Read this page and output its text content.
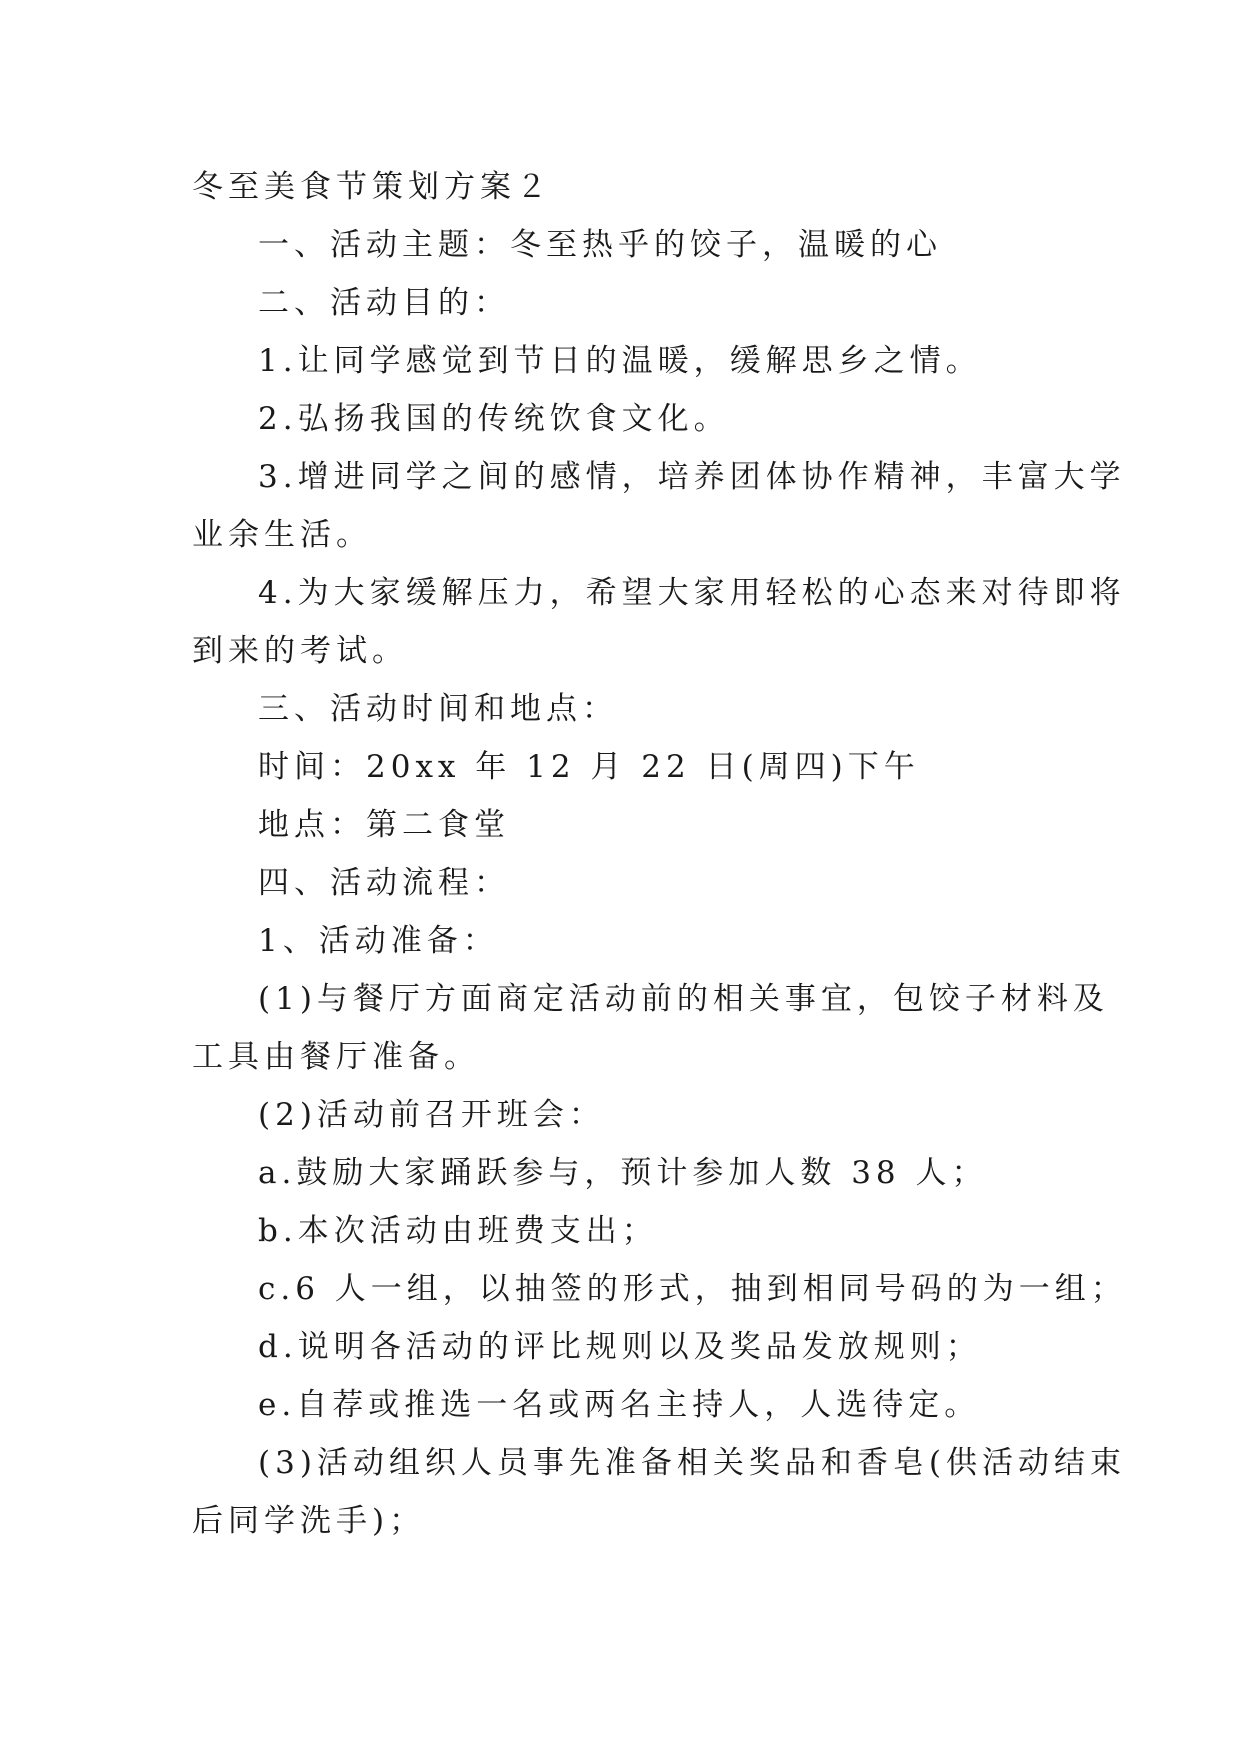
冬至美食节策划方案２
一、活动主题：冬至热乎的饺子，温暖的心
二、活动目的：
1.让同学感觉到节日的温暖，缓解思乡之情。
2.弘扬我国的传统饮食文化。
3.增进同学之间的感情，培养团体协作精神，丰富大学
业余生活。
4.为大家缓解压力，希望大家用轻松的心态来对待即将
到来的考试。
三、活动时间和地点：
时间：20xx 年 12 月 22 日(周四)下午
地点：第二食堂
四、活动流程：
1、活动准备：
(1)与餐厅方面商定活动前的相关事宜，包饺子材料及
工具由餐厅准备。
(2)活动前召开班会：
a.鼓励大家踊跃参与，预计参加人数 38 人；
b.本次活动由班费支出；
c.6 人一组，以抽签的形式，抽到相同号码的为一组；
d.说明各活动的评比规则以及奖品发放规则；
e.自荐或推选一名或两名主持人，人选待定。
(3)活动组织人员事先准备相关奖品和香皂(供活动结束
后同学洗手)；
